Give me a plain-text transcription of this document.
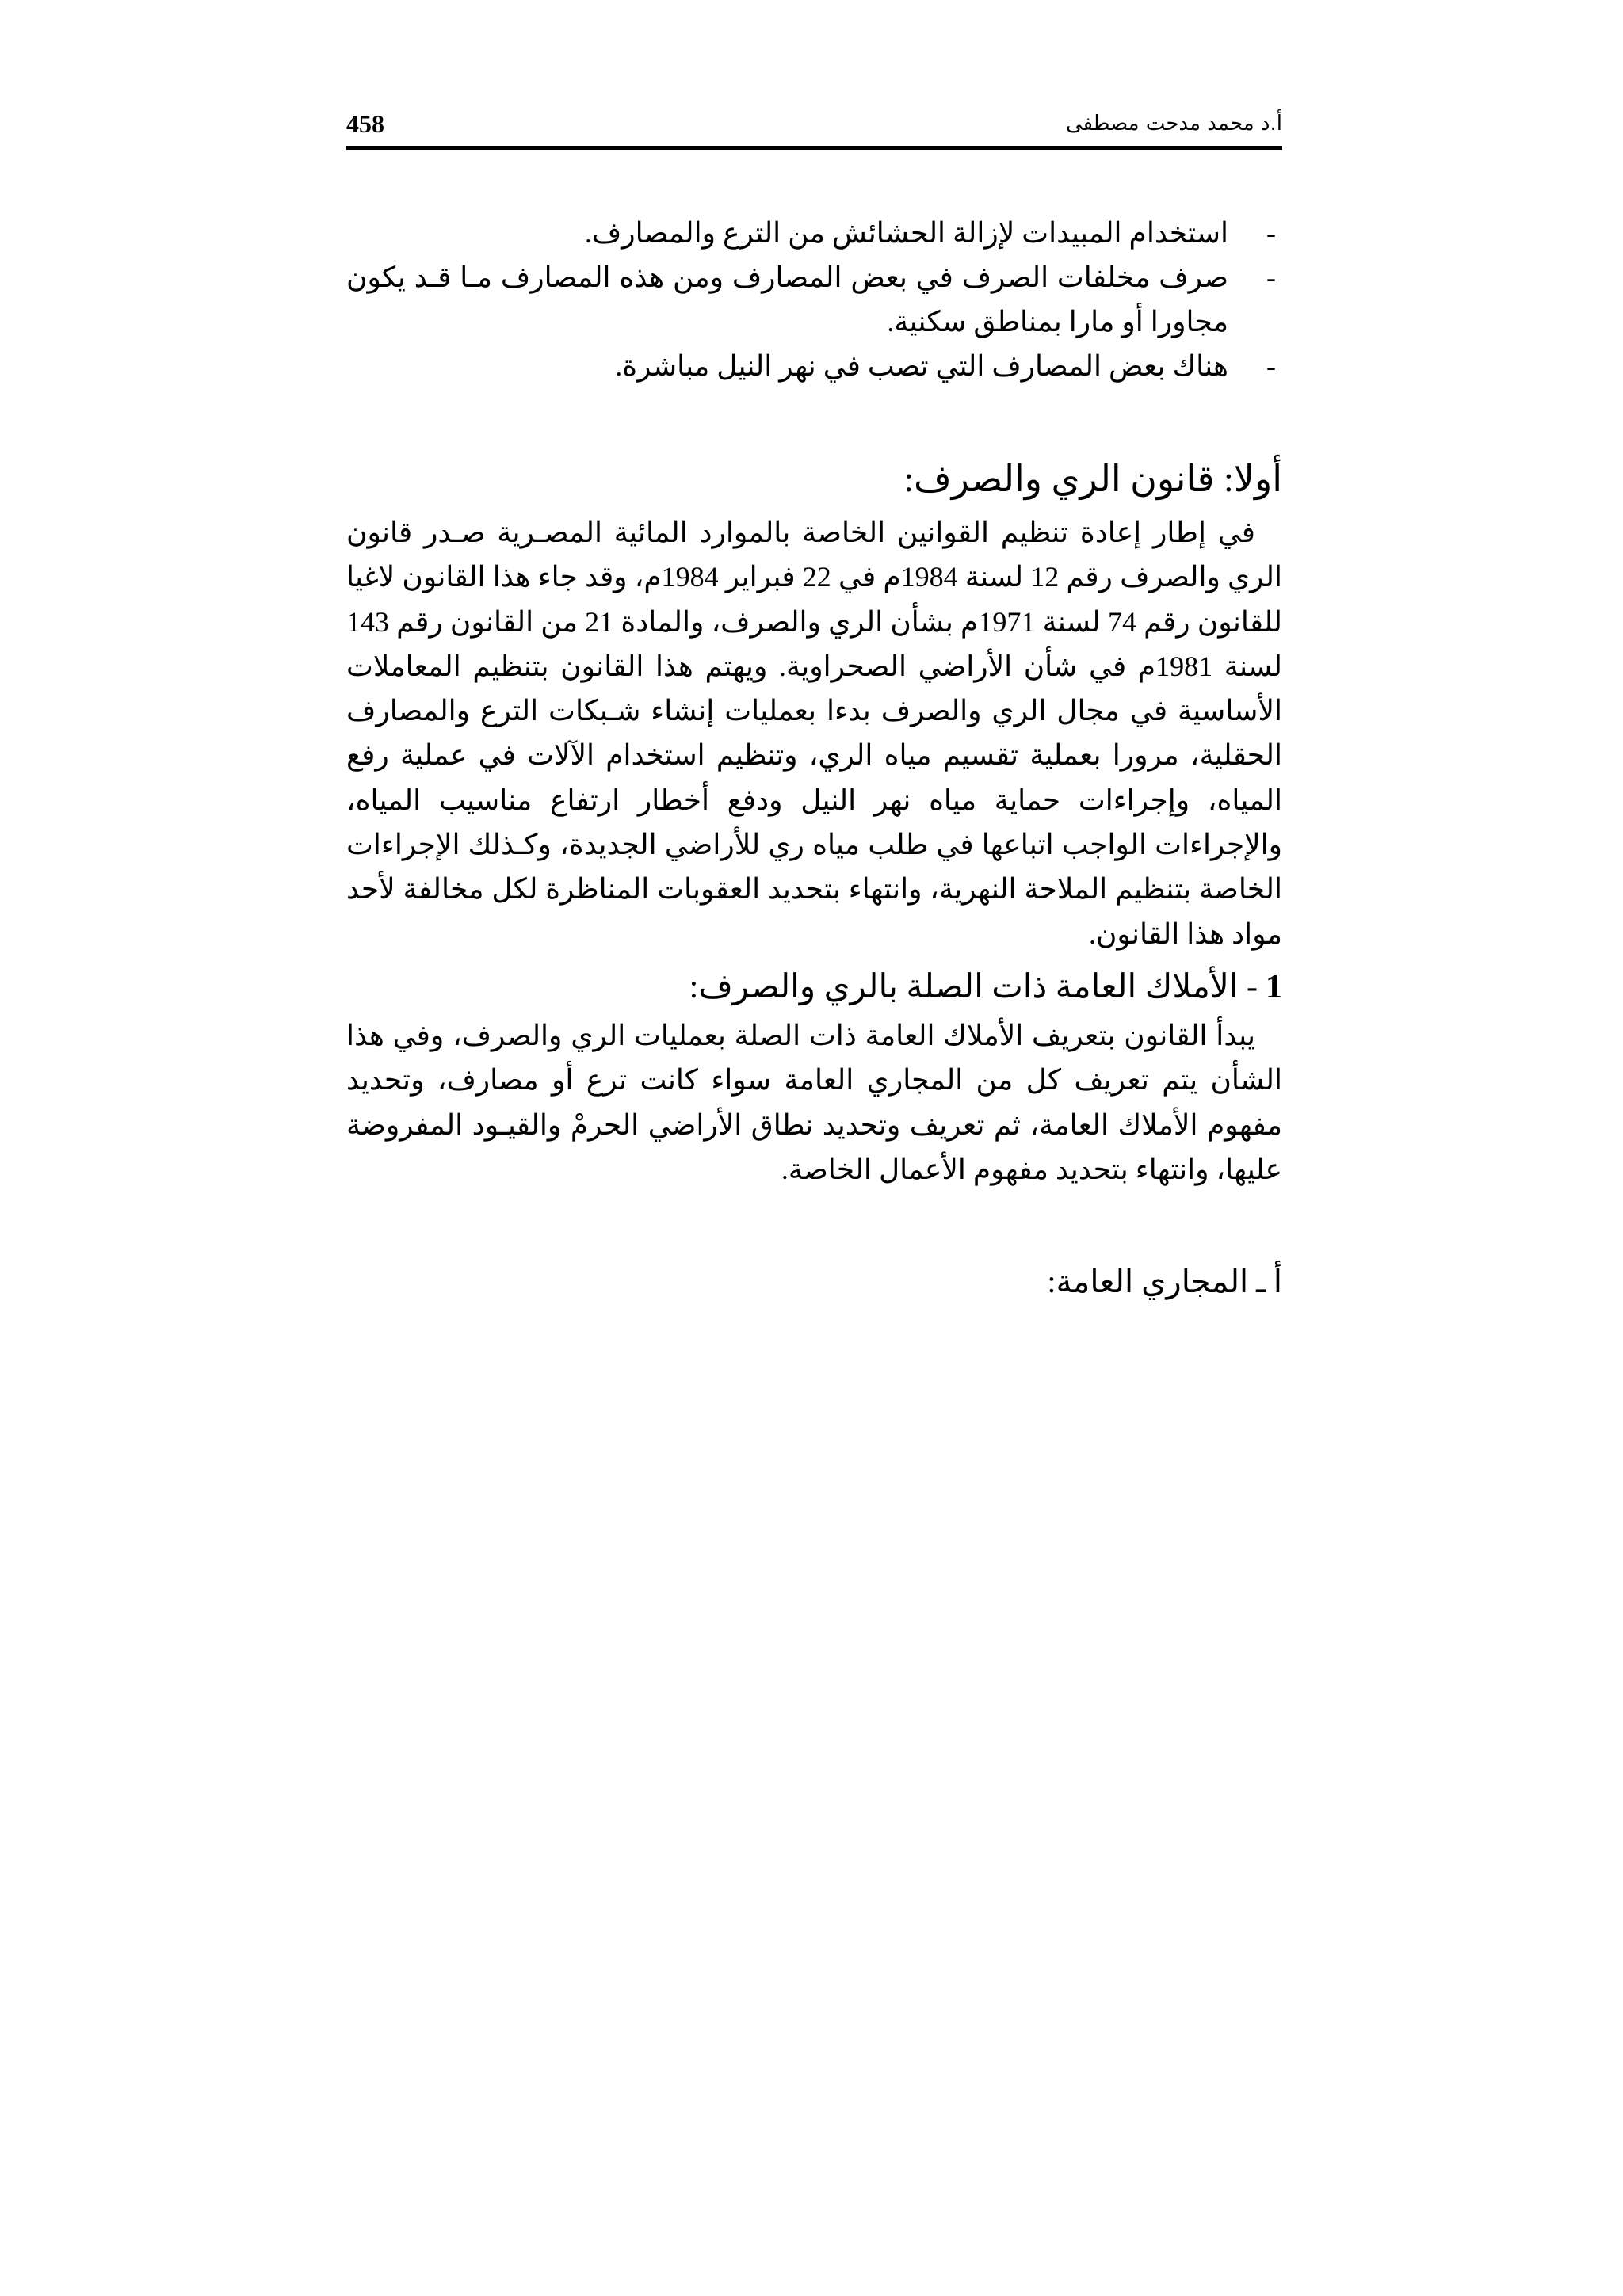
458	أ.د محمد مدحت مصطفى
-
استخدام المبيدات لإزالة الحشائش من الترع والمصارف.
-
صرف مخلفات الصرف في بعض المصارف ومن هذه المصارف مـا قـد يكون مجاورا أو مارا بمناطق سكنية.
-
هناك بعض المصارف التي تصب في نهر النيل مباشرة.
أولا: قانون الري والصرف:

في إطار إعادة تنظيم القوانين الخاصة بالموارد المائية المصـرية صـدر قانون الري والصرف رقم 12 لسنة 1984م في 22 فبراير 1984م، وقد جاء هذا القانون لاغيا للقانون رقم 74 لسنة 1971م بشأن الري والصرف، والمادة 21 من القانون رقم 143 لسنة 1981م في شأن الأراضي الصحراوية. ويهتم هذا القانون بتنظيم المعاملات الأساسية في مجال الري والصرف بدءا بعمليات إنشاء شـبكات الترع والمصارف الحقلية، مرورا بعملية تقسيم مياه الري، وتنظيم استخدام الآلات في عملية رفع المياه، وإجراءات حماية مياه نهر النيل ودفع أخطار ارتفاع مناسيب المياه، والإجراءات الواجب اتباعها في طلب مياه ري للأراضي الجديدة، وكـذلك الإجراءات الخاصة بتنظيم الملاحة النهرية، وانتهاء بتحديد العقوبات المناظرة لكل مخالفة لأحد مواد هذا القانون.

1- الأملاك العامة ذات الصلة بالري والصرف:

يبدأ القانون بتعريف الأملاك العامة ذات الصلة بعمليات الري والصرف، وفي هذا الشأن يتم تعريف كل من المجاري العامة سواء كانت ترع أو مصارف، وتحديد مفهوم الأملاك العامة، ثم تعريف وتحديد نطاق الأراضي الحرمْ والقيـود المفروضة عليها، وانتهاء بتحديد مفهوم الأعمال الخاصة.

أ ـ المجاري العامة:
